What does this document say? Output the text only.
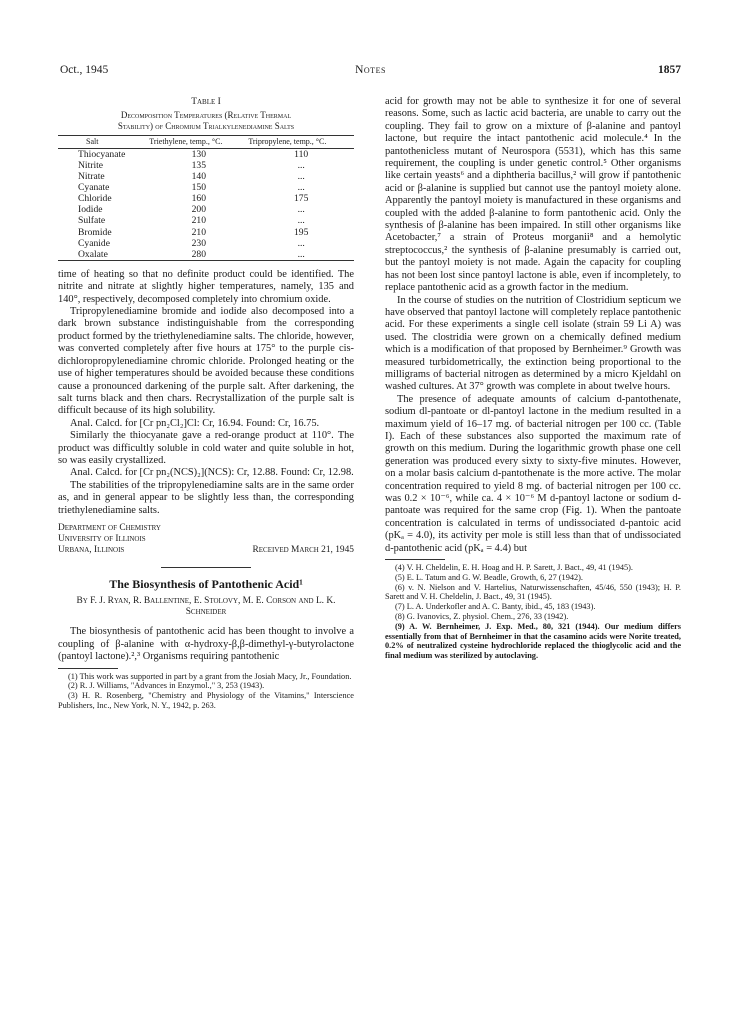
Oct., 1945	Notes	1857
Table I
Decomposition Temperatures (Relative Thermal
Stability) of Chromium Trialkylenediamine Salts
Salt	Triethylene, temp., °C.	Tripropylene, temp., °C.
Thiocyanate	130	110
Nitrite	135	...
Nitrate	140	...
Cyanate	150	...
Chloride	160	175
Iodide	200	...
Sulfate	210	...
Bromide	210	195
Cyanide	230	...
Oxalate	280	...

time of heating so that no definite product could be identified. The nitrite and nitrate at slightly higher temperatures, namely, 135 and 140°, respectively, decomposed completely into chromium oxide.

Tripropylenediamine bromide and iodide also decomposed into a dark brown substance indistinguishable from the corresponding product formed by the triethylenediamine salts. The chloride, however, was converted completely after five hours at 175° to the purple cis-dichloropropylenediamine chromic chloride. Prolonged heating or the use of higher temperatures should be avoided because these conditions cause a pronounced darkening of the purple salt. After darkening, the salt turns black and then chars. Recrystallization of the purple salt is difficult because of its high solubility.

Anal. Calcd. for [Cr pn₂Cl₂]Cl: Cr, 16.94. Found: Cr, 16.75.

Similarly the thiocyanate gave a red-orange product at 110°. The product was difficultly soluble in cold water and quite soluble in hot, so was easily crystallized.

Anal. Calcd. for [Cr pn₂(NCS)₂](NCS): Cr, 12.88. Found: Cr, 12.98.

The stabilities of the tripropylenediamine salts are in the same order as, and in general appear to be slightly less than, the corresponding triethylenediamine salts.

Department of Chemistry
University of Illinois
Urbana, Illinois	Received March 21, 1945
The Biosynthesis of Pantothenic Acid¹
By F. J. Ryan, R. Ballentine, E. Stolovy, M. E. Corson and L. K. Schneider

The biosynthesis of pantothenic acid has been thought to involve a coupling of β-alanine with α-hydroxy-β,β-dimethyl-γ-butyrolactone (pantoyl lactone).²,³ Organisms requiring pantothenic

(1) This work was supported in part by a grant from the Josiah Macy, Jr., Foundation.

(2) R. J. Williams, "Advances in Enzymol.," 3, 253 (1943).

(3) H. R. Rosenberg, "Chemistry and Physiology of the Vitamins," Interscience Publishers, Inc., New York, N. Y., 1942, p. 263.

acid for growth may not be able to synthesize it for one of several reasons. Some, such as lactic acid bacteria, are unable to carry out the coupling. They fail to grow on a mixture of β-alanine and pantoyl lactone, but require the intact pantothenic acid molecule.⁴ In the pantothenicless mutant of Neurospora (5531), which has this same requirement, the coupling is under genetic control.⁵ Other organisms like certain yeasts⁶ and a diphtheria bacillus,² will grow if pantothenic acid or β-alanine is supplied but cannot use the pantoyl moiety alone. Apparently the pantoyl moiety is manufactured in these organisms and coupled with the added β-alanine to form pantothenic acid. Only the synthesis of β-alanine has been impaired. In still other organisms like Acetobacter,⁷ a strain of Proteus morganii⁸ and a hemolytic streptococcus,² the synthesis of β-alanine presumably is carried out, but the pantoyl moiety is not made. Again the capacity for coupling has not been lost since pantoyl lactone is able, even if incompletely, to replace pantothenic acid as a growth factor in the medium.

In the course of studies on the nutrition of Clostridium septicum we have observed that pantoyl lactone will completely replace pantothenic acid. For these experiments a single cell isolate (strain 59 Li A) was used. The clostridia were grown on a chemically defined medium which is a modification of that proposed by Bernheimer.⁹ Growth was measured turbidometrically, the extinction being proportional to the milligrams of bacterial nitrogen as determined by a micro Kjeldahl on washed cultures. At 37° growth was complete in about twelve hours.

The presence of adequate amounts of calcium d-pantothenate, sodium dl-pantoate or dl-pantoyl lactone in the medium resulted in a maximum yield of 16–17 mg. of bacterial nitrogen per 100 cc. (Table I). Each of these substances also supported the maximum rate of growth on this medium. During the logarithmic growth phase one cell generation was produced every sixty to sixty-five minutes. However, on a molar basis calcium d-pantothenate is the more active. The molar concentration required to yield 8 mg. of bacterial nitrogen per 100 cc. was 0.2 × 10⁻⁶, while ca. 4 × 10⁻⁶ M d-pantoyl lactone or sodium d-pantoate was required for the same crop (Fig. 1). When the pantoate concentration is calculated in terms of undissociated d-pantoic acid (pKₐ = 4.0), its activity per mole is still less than that of undissociated d-pantothenic acid (pKₐ = 4.4) but

(4) V. H. Cheldelin, E. H. Hoag and H. P. Sarett, J. Bact., 49, 41 (1945).

(5) E. L. Tatum and G. W. Beadle, Growth, 6, 27 (1942).

(6) v. N. Nielson and V. Hartelius, Naturwissenschaften, 45/46, 550 (1943); H. P. Sarett and V. H. Cheldelin, J. Bact., 49, 31 (1945).

(7) L. A. Underkofler and A. C. Banty, ibid., 45, 183 (1943).

(8) G. Ivanovics, Z. physiol. Chem., 276, 33 (1942).

(9) A. W. Bernheimer, J. Exp. Med., 80, 321 (1944). Our medium differs essentially from that of Bernheimer in that the casamino acids were Norite treated, 0.2% of neutralized cysteine hydrochloride replaced the thioglycolic acid and the final medium was sterilized by autoclaving.
